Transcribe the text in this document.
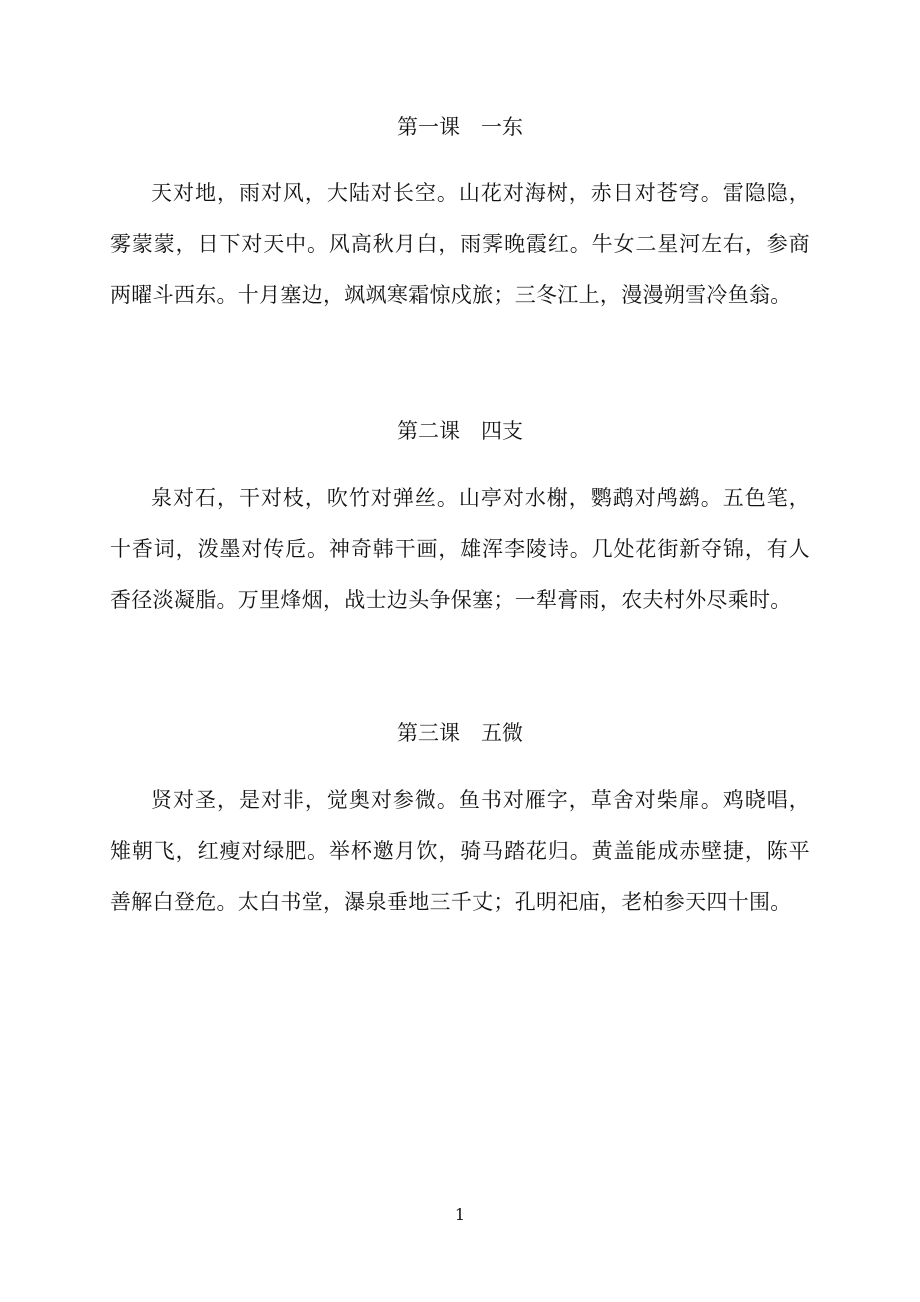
第一课　一东
天对地，雨对风，大陆对长空。山花对海树，赤日对苍穹。雷隐隐，雾蒙蒙，日下对天中。风高秋月白，雨霁晚霞红。牛女二星河左右，参商两曜斗西东。十月塞边，飒飒寒霜惊戍旅；三冬江上，漫漫朔雪冷鱼翁。
第二课　四支
泉对石，干对枝，吹竹对弹丝。山亭对水榭，鹦鹉对鸬鹚。五色笔，十香词，泼墨对传卮。神奇韩干画，雄浑李陵诗。几处花街新夺锦，有人香径淡凝脂。万里烽烟，战士边头争保塞；一犁膏雨，农夫村外尽乘时。
第三课　五微
贤对圣，是对非，觉奥对参微。鱼书对雁字，草舍对柴扉。鸡晓唱，雉朝飞，红瘦对绿肥。举杯邀月饮，骑马踏花归。黄盖能成赤壁捷，陈平善解白登危。太白书堂，瀑泉垂地三千丈；孔明祀庙，老柏参天四十围。
1
